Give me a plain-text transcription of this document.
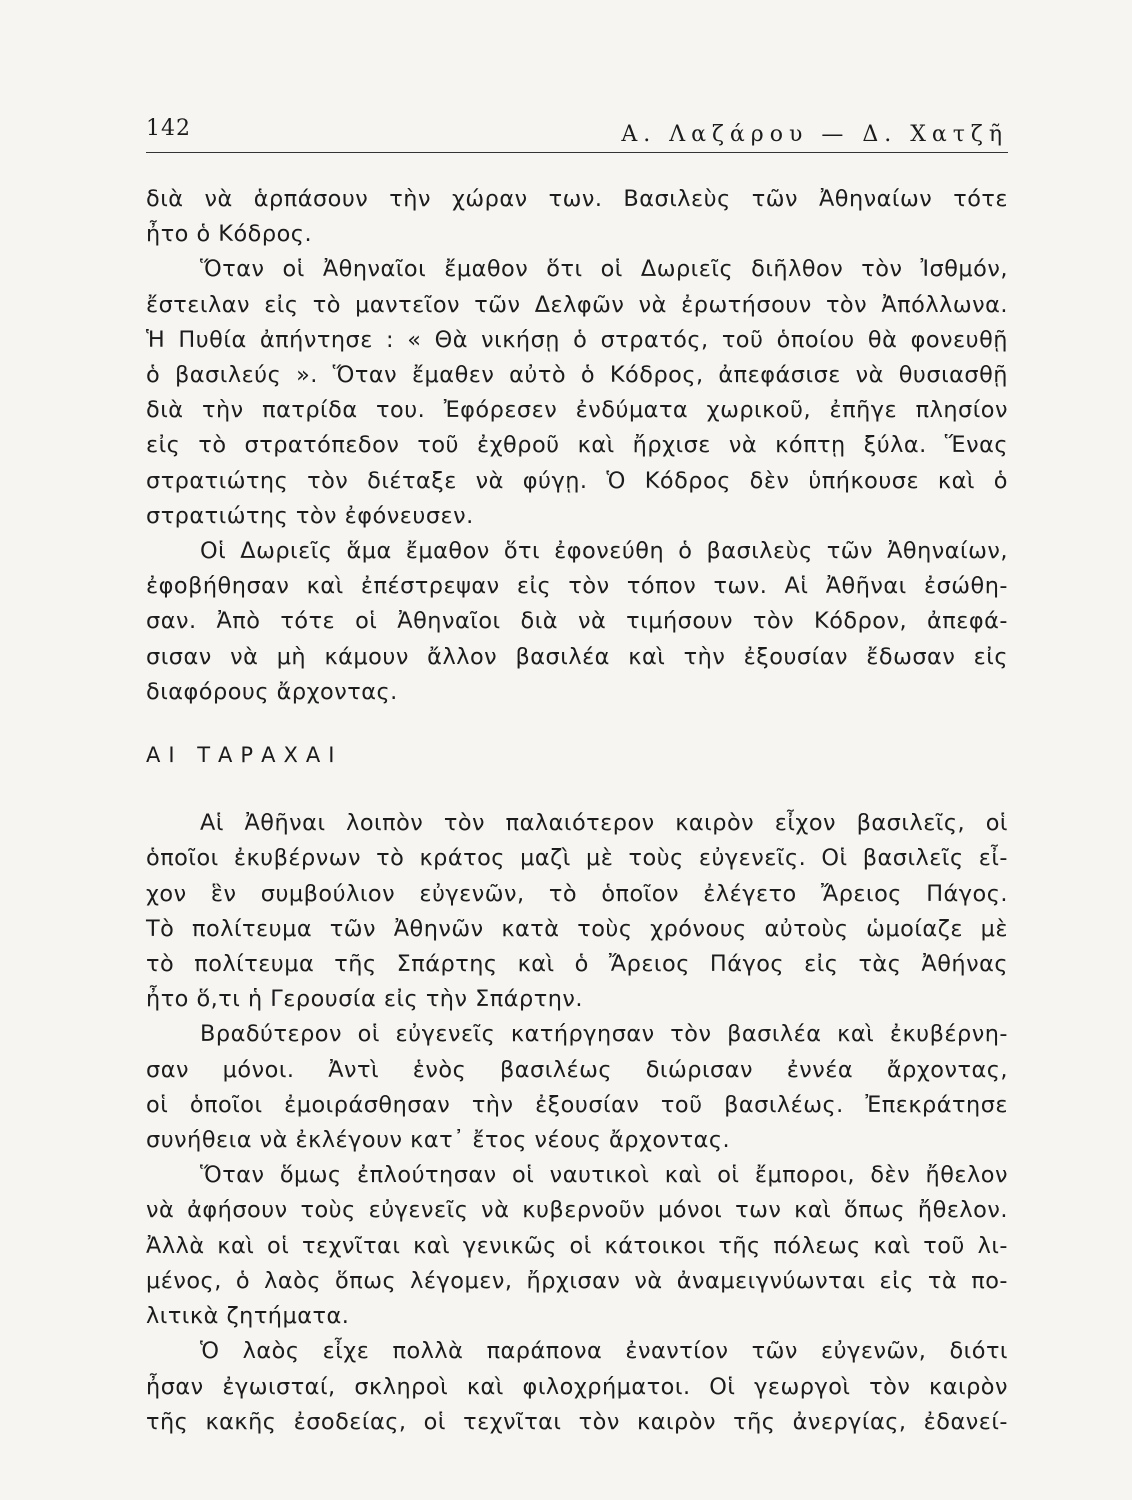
142	Α. Λαζάρου — Δ. Χατζῆ

διὰ νὰ ἁρπάσουν τὴν χώραν των. Βασιλεὺς τῶν Ἀθηναίων τότε

ἦτο ὁ Κόδρος.

Ὅταν οἱ Ἀθηναῖοι ἔμαθον ὅτι οἱ Δωριεῖς διῆλθον τὸν Ἰσθμόν,

ἔστειλαν εἰς τὸ μαντεῖον τῶν Δελφῶν νὰ ἐρωτήσουν τὸν Ἀπόλλωνα.
Ἡ Πυθία ἀπήντησε : « Θὰ νικήσῃ ὁ στρατός, τοῦ ὁποίου θὰ φονευθῇ
ὁ βασιλεύς ». Ὅταν ἔμαθεν αὐτὸ ὁ Κόδρος, ἀπεφάσισε νὰ θυσιασθῇ
διὰ τὴν πατρίδα του. Ἐφόρεσεν ἐνδύματα χωρικοῦ, ἐπῆγε πλησίον
εἰς τὸ στρατόπεδον τοῦ ἐχθροῦ καὶ ἤρχισε νὰ κόπτῃ ξύλα. Ἕνας
στρατιώτης τὸν διέταξε νὰ φύγῃ. Ὁ Κόδρος δὲν ὑπήκουσε καὶ ὁ

στρατιώτης τὸν ἐφόνευσεν.

Οἱ Δωριεῖς ἅμα ἔμαθον ὅτι ἐφονεύθη ὁ βασιλεὺς τῶν Ἀθηναίων,

ἐφοβήθησαν καὶ ἐπέστρεψαν εἰς τὸν τόπον των. Αἱ Ἀθῆναι ἐσώθη-
σαν. Ἀπὸ τότε οἱ Ἀθηναῖοι διὰ νὰ τιμήσουν τὸν Κόδρον, ἀπεφά-
σισαν νὰ μὴ κάμουν ἄλλον βασιλέα καὶ τὴν ἐξουσίαν ἔδωσαν εἰς

διαφόρους ἄρχοντας.

ΑΙ ΤΑΡΑΧΑΙ

Αἱ Ἀθῆναι λοιπὸν τὸν παλαιότερον καιρὸν εἶχον βασιλεῖς, οἱ

ὁποῖοι ἐκυβέρνων τὸ κράτος μαζὶ μὲ τοὺς εὐγενεῖς. Οἱ βασιλεῖς εἶ-
χον ἓν συμβούλιον εὐγενῶν, τὸ ὁποῖον ἐλέγετο Ἄρειος Πάγος.
Τὸ πολίτευμα τῶν Ἀθηνῶν κατὰ τοὺς χρόνους αὐτοὺς ὡμοίαζε μὲ
τὸ πολίτευμα τῆς Σπάρτης καὶ ὁ Ἄρειος Πάγος εἰς τὰς Ἀθήνας

ἦτο ὅ,τι ἡ Γερουσία εἰς τὴν Σπάρτην.

Βραδύτερον οἱ εὐγενεῖς κατήργησαν τὸν βασιλέα καὶ ἐκυβέρνη-

σαν μόνοι. Ἀντὶ ἑνὸς βασιλέως διώρισαν ἐννέα ἄρχοντας,
οἱ ὁποῖοι ἐμοιράσθησαν τὴν ἐξουσίαν τοῦ βασιλέως. Ἐπεκράτησε

συνήθεια νὰ ἐκλέγουν κατ᾽ ἔτος νέους ἄρχοντας.

Ὅταν ὅμως ἐπλούτησαν οἱ ναυτικοὶ καὶ οἱ ἔμποροι, δὲν ἤθελον

νὰ ἀφήσουν τοὺς εὐγενεῖς νὰ κυβερνοῦν μόνοι των καὶ ὅπως ἤθελον.
Ἀλλὰ καὶ οἱ τεχνῖται καὶ γενικῶς οἱ κάτοικοι τῆς πόλεως καὶ τοῦ λι-
μένος, ὁ λαὸς ὅπως λέγομεν, ἤρχισαν νὰ ἀναμειγνύωνται εἰς τὰ πο-

λιτικὰ ζητήματα.

Ὁ λαὸς εἶχε πολλὰ παράπονα ἐναντίον τῶν εὐγενῶν, διότι

ἦσαν ἐγωισταί, σκληροὶ καὶ φιλοχρήματοι. Οἱ γεωργοὶ τὸν καιρὸν
τῆς κακῆς ἐσοδείας, οἱ τεχνῖται τὸν καιρὸν τῆς ἀνεργίας, ἐδανεί-
